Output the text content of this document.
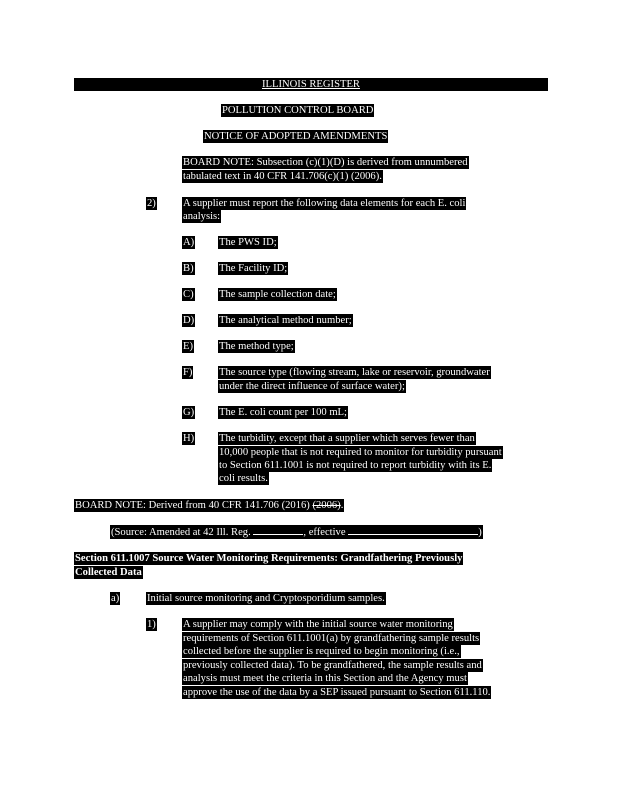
ILLINOIS REGISTER
POLLUTION CONTROL BOARD
NOTICE OF ADOPTED AMENDMENTS
BOARD NOTE: Subsection (c)(1)(D) is derived from unnumbered
tabulated text in 40 CFR 141.706(c)(1) (2006).
2)	A supplier must report the following data elements for each E. coli
analysis:
A) The PWS ID;
B) The Facility ID;
C) The sample collection date;
D) The analytical method number;
E) The method type;
F)	The source type (flowing stream, lake or reservoir, groundwater
under the direct influence of surface water);
G) The E. coli count per 100 mL;
H) The turbidity, except that a supplier which serves fewer than
10,000 people that is not required to monitor for turbidity pursuant
to Section 611.1001 is not required to report turbidity with its E.
coli results.
BOARD NOTE: Derived from 40 CFR 141.706 (2016) (2006).
(Source: Amended at 42 Ill. Reg.	, effective	)
Section 611.1007 Source Water Monitoring Requirements: Grandfathering Previously
Collected Data
a)	Initial source monitoring and Cryptosporidium samples.
1)	A supplier may comply with the initial source water monitoring
requirements of Section 611.1001(a) by grandfathering sample results
collected before the supplier is required to begin monitoring (i.e.,
previously collected data). To be grandfathered, the sample results and
analysis must meet the criteria in this Section and the Agency must
approve the use of the data by a SEP issued pursuant to Section 611.110.
